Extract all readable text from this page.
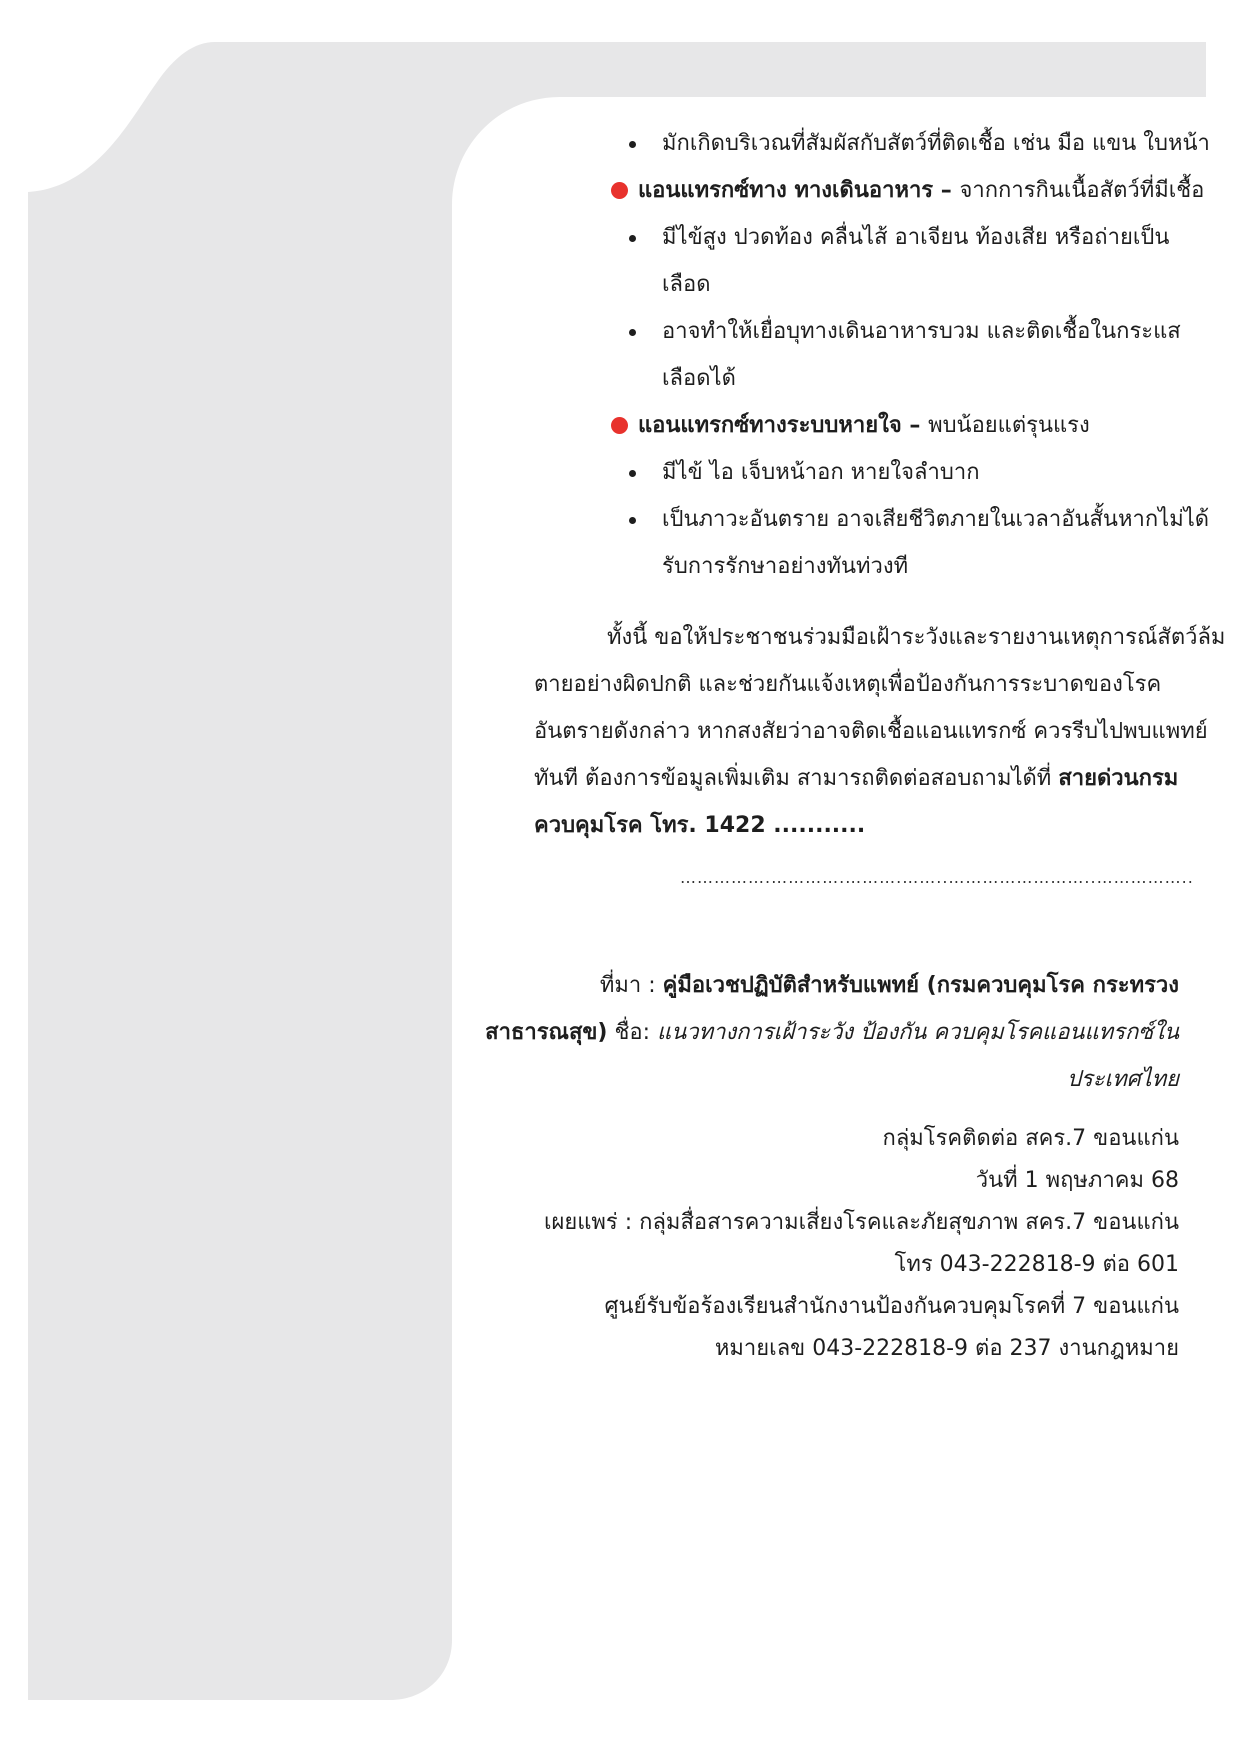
มักเกิดบริเวณที่สัมผัสกับสัตว์ที่ติดเชื้อ เช่น มือ แขน ใบหน้า
แอนแทรกซ์ทาง ทางเดินอาหาร – จากการกินเนื้อสัตว์ที่มีเชื้อ
มีไข้สูง ปวดท้อง คลื่นไส้ อาเจียน ท้องเสีย หรือถ่ายเป็น
เลือด
อาจทำให้เยื่อบุทางเดินอาหารบวม และติดเชื้อในกระแส
เลือดได้
แอนแทรกซ์ทางระบบหายใจ – พบน้อยแต่รุนแรง
มีไข้ ไอ เจ็บหน้าอก หายใจลำบาก
เป็นภาวะอันตราย อาจเสียชีวิตภายในเวลาอันสั้นหากไม่ได้
รับการรักษาอย่างทันท่วงที
ทั้งนี้ ขอให้ประชาชนร่วมมือเฝ้าระวังและรายงานเหตุการณ์สัตว์ล้ม
ตายอย่างผิดปกติ และช่วยกันแจ้งเหตุเพื่อป้องกันการระบาดของโรค
อันตรายดังกล่าว หากสงสัยว่าอาจติดเชื้อแอนแทรกซ์ ควรรีบไปพบแพทย์
ทันที ต้องการข้อมูลเพิ่มเติม สามารถติดต่อสอบถามได้ที่ สายด่วนกรม
ควบคุมโรค โทร. 1422 ...........
…………….………….……….……..……………………..……………..
ที่มา : คู่มือเวชปฏิบัติสำหรับแพทย์ (กรมควบคุมโรค กระทรวง
สาธารณสุข) ชื่อ: แนวทางการเฝ้าระวัง ป้องกัน ควบคุมโรคแอนแทรกซ์ใน
ประเทศไทย
กลุ่มโรคติดต่อ สคร.7 ขอนแก่น
วันที่ 1 พฤษภาคม 68
เผยแพร่ : กลุ่มสื่อสารความเสี่ยงโรคและภัยสุขภาพ สคร.7 ขอนแก่น
โทร 043-222818-9 ต่อ 601
ศูนย์รับข้อร้องเรียนสำนักงานป้องกันควบคุมโรคที่ 7 ขอนแก่น
หมายเลข 043-222818-9 ต่อ 237 งานกฎหมาย
